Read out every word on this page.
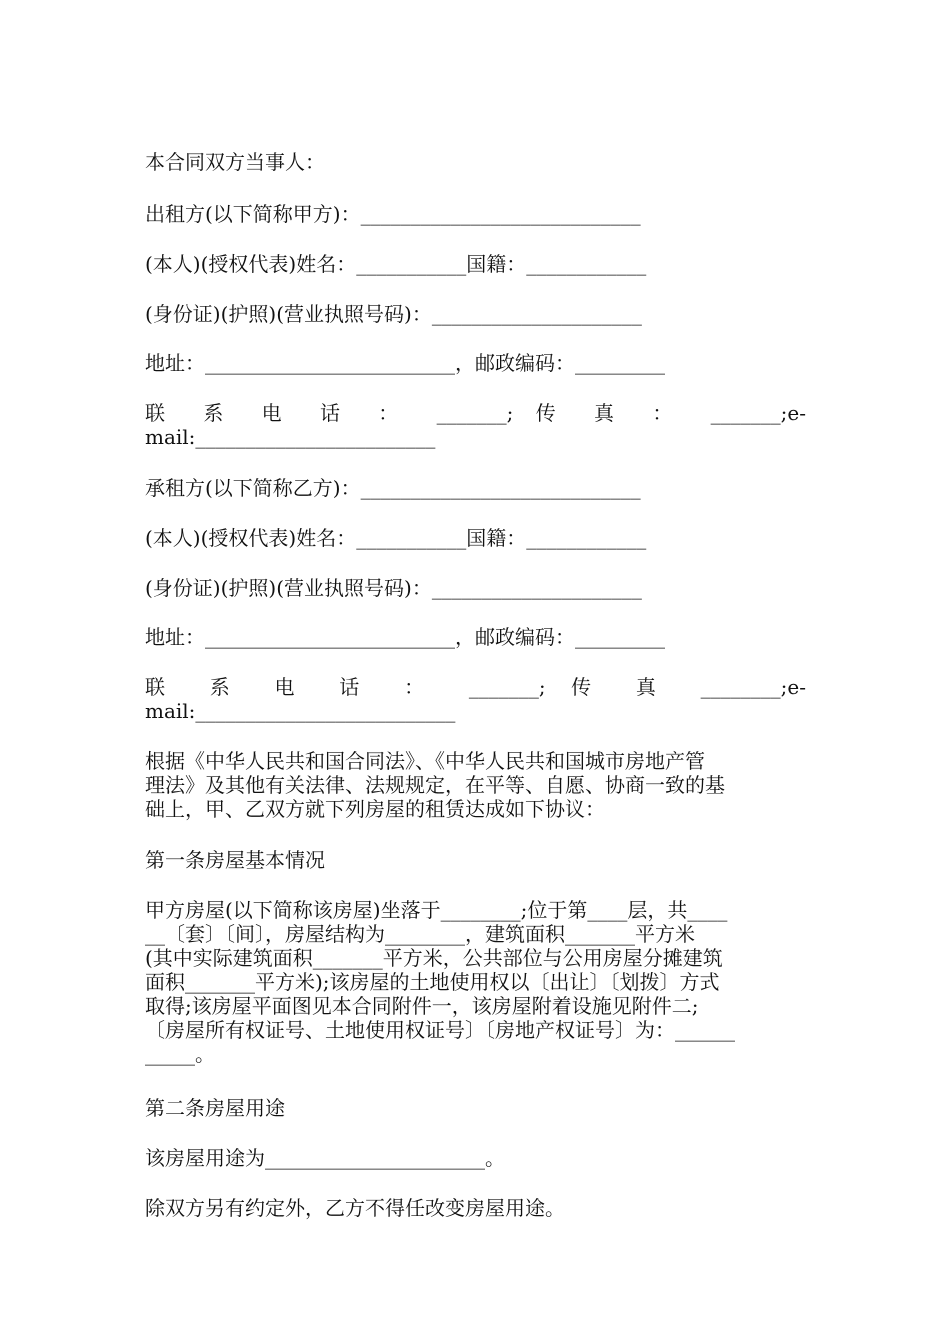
本合同双方当事人：

出租方(以下简称甲方)：____________________________

(本人)(授权代表)姓名：___________国籍：____________

(身份证)(护照)(营业执照号码)：_____________________

地址：_________________________，邮政编码：_________

联 系 电 话 ： _______; 传 真 ： _______;e-

mail:________________________

承租方(以下简称乙方)：____________________________

(本人)(授权代表)姓名：___________国籍：____________

(身份证)(护照)(营业执照号码)：_____________________

地址：_________________________，邮政编码：_________

联 系 电 话 ： _______; 传 真 ________;e-

mail:__________________________

根据《中华人民共和国合同法》、《中华人民共和国城市房地产管

理法》及其他有关法律、法规规定，在平等、自愿、协商一致的基

础上，甲、乙双方就下列房屋的租赁达成如下协议：

第一条房屋基本情况

甲方房屋(以下简称该房屋)坐落于________;位于第____层，共____

__〔套〕〔间〕，房屋结构为________，建筑面积_______平方米

(其中实际建筑面积_______平方米，公共部位与公用房屋分摊建筑

面积_______平方米);该房屋的土地使用权以〔出让〕〔划拨〕方式

取得;该房屋平面图见本合同附件一，该房屋附着设施见附件二;

〔房屋所有权证号、土地使用权证号〕〔房地产权证号〕为：______

_____。

第二条房屋用途

该房屋用途为______________________。

除双方另有约定外，乙方不得任改变房屋用途。
